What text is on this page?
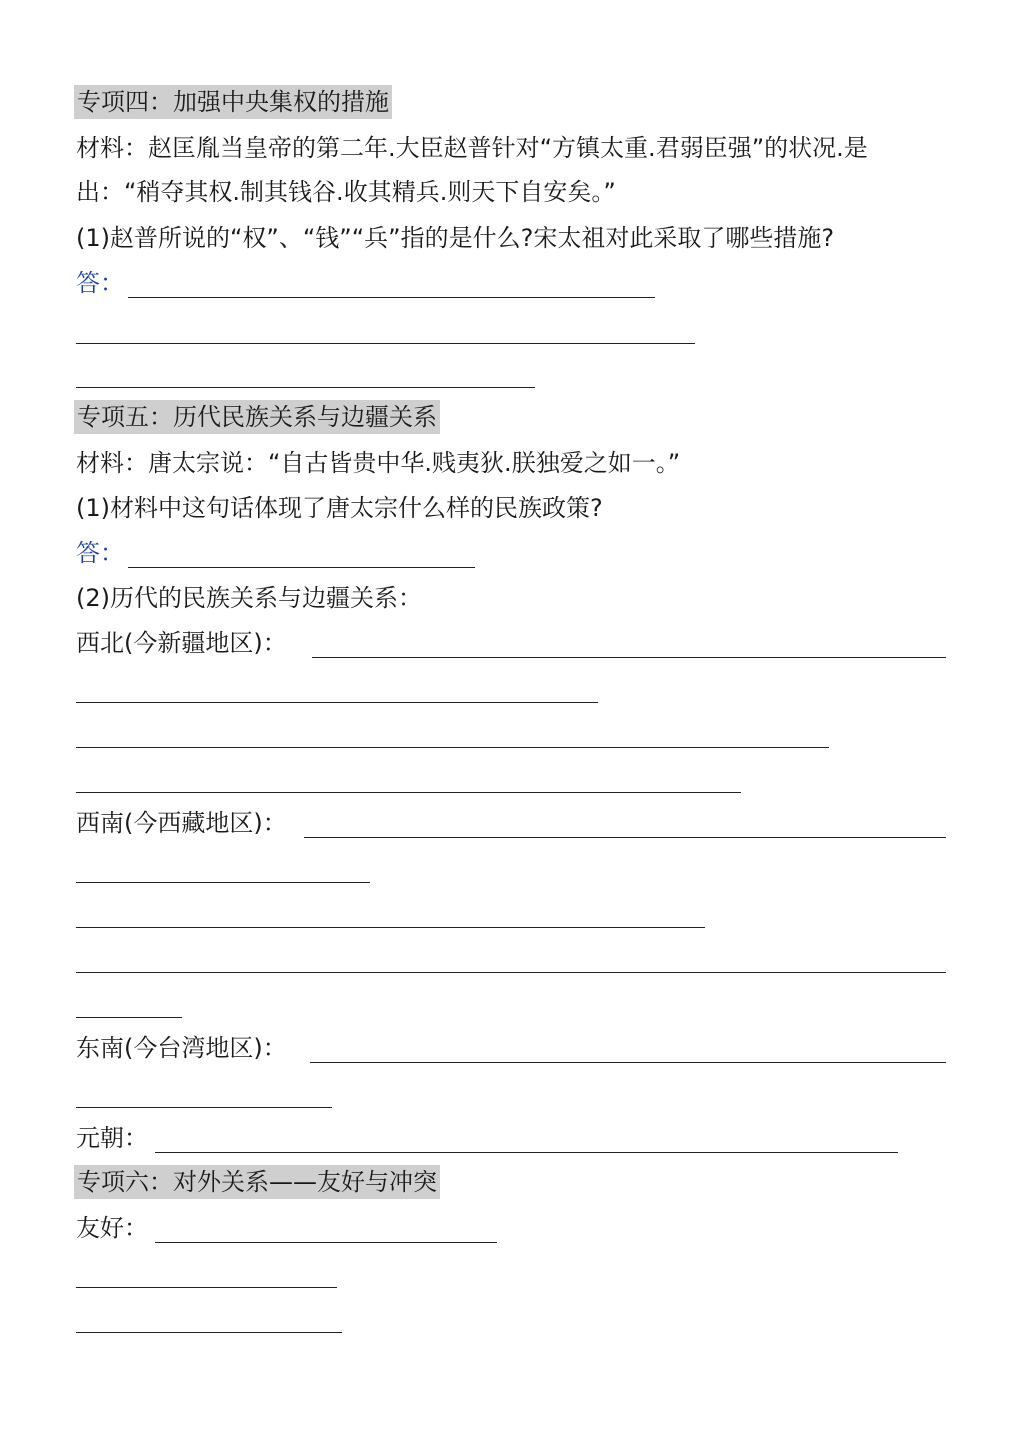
专项四：加强中央集权的措施
材料：赵匡胤当皇帝的第二年.大臣赵普针对“方镇太重.君弱臣强”的状况.是
出：“稍夺其权.制其钱谷.收其精兵.则天下自安矣。”
(1)赵普所说的“权”、“钱”“兵”指的是什么?宋太祖对此采取了哪些措施?
答：
专项五：历代民族关系与边疆关系
材料：唐太宗说：“自古皆贵中华.贱夷狄.朕独爱之如一。”
(1)材料中这句话体现了唐太宗什么样的民族政策?
答：
(2)历代的民族关系与边疆关系：
西北(今新疆地区)：
西南(今西藏地区)：
东南(今台湾地区)：
元朝：
专项六：对外关系——友好与冲突
友好：
